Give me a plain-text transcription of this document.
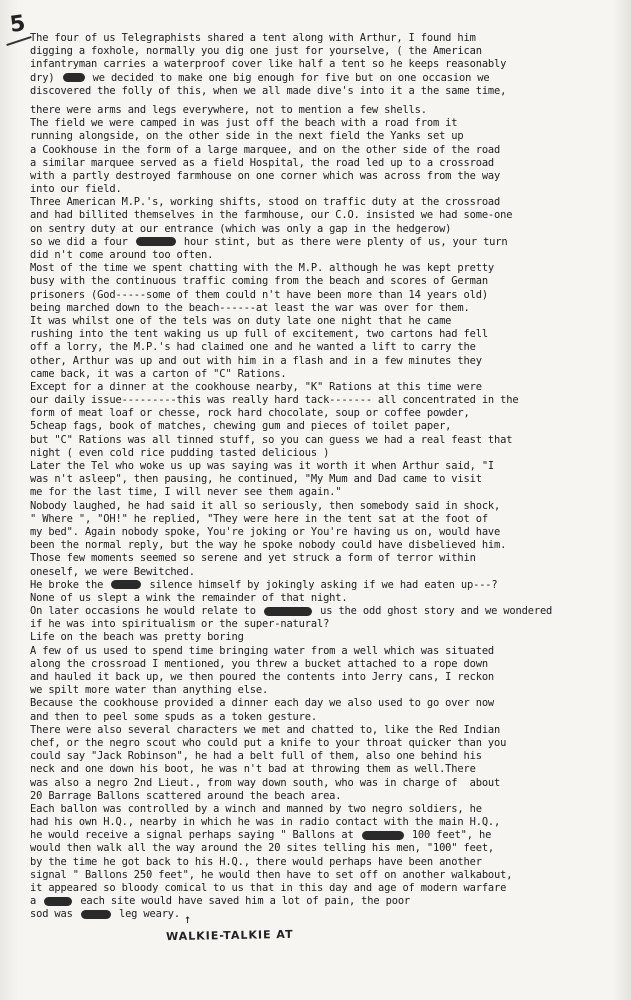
5
The four of us Telegraphists shared a tent along with Arthur, I found him
digging a foxhole, normally you dig one just for yourselve, ( the American
infantryman carries a waterproof cover like half a tent so he keeps reasonably
dry)	we decided to make one big enough for five but on one occasion we
discovered the folly of this, when we all made dive's into it a the same time,
there were arms and legs everywhere, not to mention a few shells.
The field we were camped in was just off the beach with a road from it
running alongside, on the other side in the next field the Yanks set up
a Cookhouse in the form of a large marquee, and on the other side of the road
a similar marquee served as a field Hospital, the road led up to a crossroad
with a partly destroyed farmhouse on one corner which was across from the way
into our field.
Three American M.P.'s, working shifts, stood on traffic duty at the crossroad
and had billited themselves in the farmhouse, our C.O. insisted we had some-one
on sentry duty at our entrance (which was only a gap in the hedgerow)
so we did a four	hour stint, but as there were plenty of us, your turn
did n't come around too often.
Most of the time we spent chatting with the M.P. although he was kept pretty
busy with the continuous traffic coming from the beach and scores of German
prisoners (God-----some of them could n't have been more than 14 years old)
being marched down to the beach------at least the war was over for them.
It was whilst one of the tels was on duty late one night that he came
rushing into the tent waking us up full of excitement, two cartons had fell
off a lorry, the M.P.'s had claimed one and he wanted a lift to carry the
other, Arthur was up and out with him in a flash and in a few minutes they
came back, it was a carton of "C" Rations.
Except for a dinner at the cookhouse nearby, "K" Rations at this time were
our daily issue---------this was really hard tack------- all concentrated in the
form of meat loaf or chesse, rock hard chocolate, soup or coffee powder,
5cheap fags, book of matches, chewing gum and pieces of toilet paper,
but "C" Rations was all tinned stuff, so you can guess we had a real feast that
night ( even cold rice pudding tasted delicious )
Later the Tel who woke us up was saying was it worth it when Arthur said, "I
was n't asleep", then pausing, he continued, "My Mum and Dad came to visit
me for the last time, I will never see them again."
Nobody laughed, he had said it all so seriously, then somebody said in shock,
" Where ", "OH!" he replied, "They were here in the tent sat at the foot of
my bed". Again nobody spoke, You're joking or You're having us on, would have
been the normal reply, but the way he spoke nobody could have disbelieved him.
Those few moments seemed so serene and yet struck a form of terror within
oneself, we were Bewitched.
He broke the	silence himself by jokingly asking if we had eaten up---?
None of us slept a wink the remainder of that night.
On later occasions he would relate to	us the odd ghost story and we wondered
if he was into spiritualism or the super-natural?
Life on the beach was pretty boring
A few of us used to spend time bringing water from a well which was situated
along the crossroad I mentioned, you threw a bucket attached to a rope down
and hauled it back up, we then poured the contents into Jerry cans, I reckon
we spilt more water than anything else.
Because the cookhouse provided a dinner each day we also used to go over now
and then to peel some spuds as a token gesture.
There were also several characters we met and chatted to, like the Red Indian
chef, or the negro scout who could put a knife to your throat quicker than you
could say "Jack Robinson", he had a belt full of them, also one behind his
neck and one down his boot, he was n't bad at throwing them as well.There
was also a negro 2nd Lieut., from way down south, who was in charge of  about
20 Barrage Ballons scattered around the beach area.
Each ballon was controlled by a winch and manned by two negro soldiers, he
had his own H.Q., nearby in which he was in radio contact with the main H.Q.,
he would receive a signal perhaps saying " Ballons at	100 feet", he
would then walk all the way around the 20 sites telling his men, "100" feet,
by the time he got back to his H.Q., there would perhaps have been another
signal " Ballons 250 feet", he would then have to set off on another walkabout,
it appeared so bloody comical to us that in this day and age of modern warfare
a	each site would have saved him a lot of pain, the poor
sod was	leg weary. ↑
WALKIE-TALKIE AT
